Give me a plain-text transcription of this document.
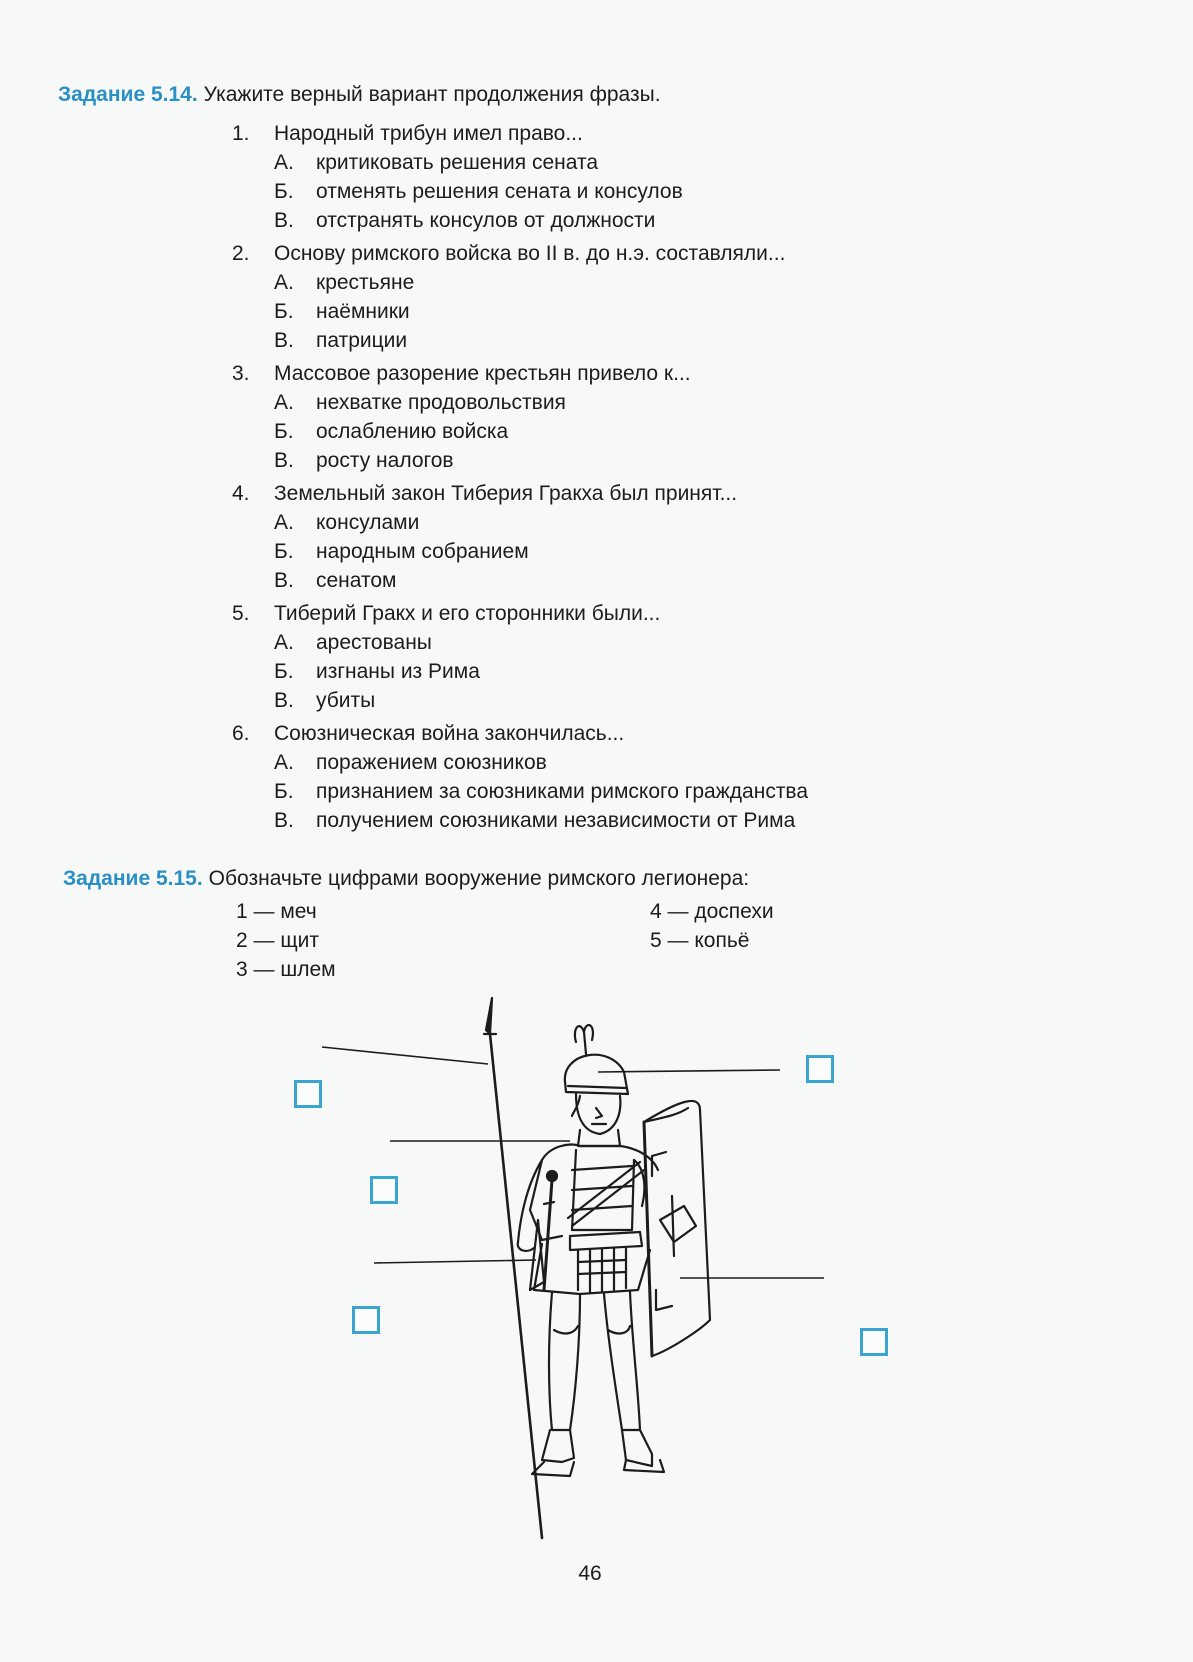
Задание 5.14. Укажите верный вариант продолжения фразы.
1. Народный трибун имел право...
А. критиковать решения сената
Б. отменять решения сената и консулов
В. отстранять консулов от должности
2. Основу римского войска во II в. до н.э. составляли...
А. крестьяне
Б. наёмники
В. патриции
3. Массовое разорение крестьян привело к...
А. нехватке продовольствия
Б. ослаблению войска
В. росту налогов
4. Земельный закон Тиберия Гракха был принят...
А. консулами
Б. народным собранием
В. сенатом
5. Тиберий Гракх и его сторонники были...
А. арестованы
Б. изгнаны из Рима
В. убиты
6. Союзническая война закончилась...
А. поражением союзников
Б. признанием за союзниками римского гражданства
В. получением союзниками независимости от Рима
Задание 5.15. Обозначьте цифрами вооружение римского легионера:
1 — меч
2 — щит
3 — шлем
4 — доспехи
5 — копьё
46
